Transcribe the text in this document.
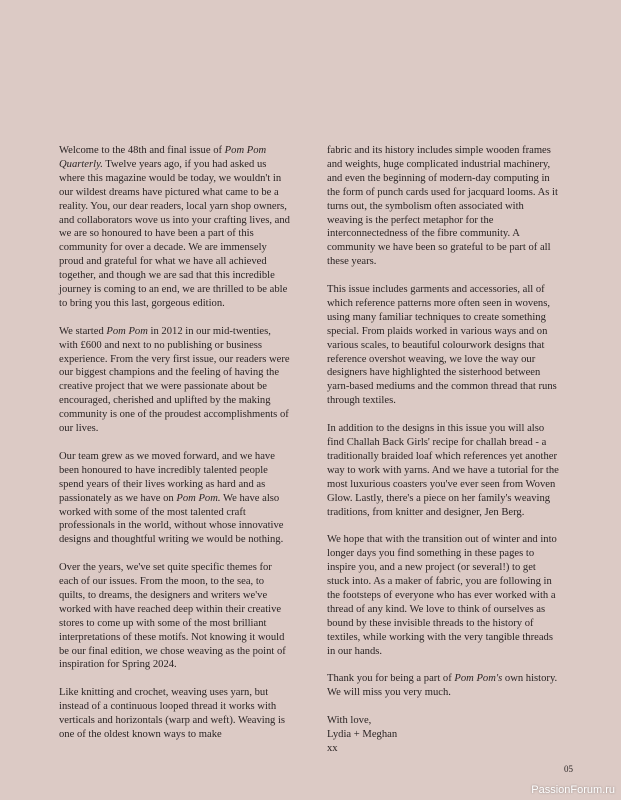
Welcome to the 48th and final issue of Pom Pom Quarterly. Twelve years ago, if you had asked us where this magazine would be today, we wouldn't in our wildest dreams have pictured what came to be a reality. You, our dear readers, local yarn shop owners, and collaborators wove us into your crafting lives, and we are so honoured to have been a part of this community for over a decade. We are immensely proud and grateful for what we have all achieved together, and though we are sad that this incredible journey is coming to an end, we are thrilled to be able to bring you this last, gorgeous edition.

We started Pom Pom in 2012 in our mid-twenties, with £600 and next to no publishing or business experience. From the very first issue, our readers were our biggest champions and the feeling of having the creative project that we were passionate about be encouraged, cherished and uplifted by the making community is one of the proudest accomplishments of our lives.

Our team grew as we moved forward, and we have been honoured to have incredibly talented people spend years of their lives working as hard and as passionately as we have on Pom Pom. We have also worked with some of the most talented craft professionals in the world, without whose innovative designs and thoughtful writing we would be nothing.

Over the years, we've set quite specific themes for each of our issues. From the moon, to the sea, to quilts, to dreams, the designers and writers we've worked with have reached deep within their creative stores to come up with some of the most brilliant interpretations of these motifs. Not knowing it would be our final edition, we chose weaving as the point of inspiration for Spring 2024.

Like knitting and crochet, weaving uses yarn, but instead of a continuous looped thread it works with verticals and horizontals (warp and weft). Weaving is one of the oldest known ways to make

fabric and its history includes simple wooden frames and weights, huge complicated industrial machinery, and even the beginning of modern-day computing in the form of punch cards used for jacquard looms. As it turns out, the symbolism often associated with weaving is the perfect metaphor for the interconnectedness of the fibre community. A community we have been so grateful to be part of all these years.

This issue includes garments and accessories, all of which reference patterns more often seen in wovens, using many familiar techniques to create something special. From plaids worked in various ways and on various scales, to beautiful colourwork designs that reference overshot weaving, we love the way our designers have highlighted the sisterhood between yarn-based mediums and the common thread that runs through textiles.

In addition to the designs in this issue you will also find Challah Back Girls' recipe for challah bread - a traditionally braided loaf which references yet another way to work with yarns. And we have a tutorial for the most luxurious coasters you've ever seen from Woven Glow. Lastly, there's a piece on her family's weaving traditions, from knitter and designer, Jen Berg.

We hope that with the transition out of winter and into longer days you find something in these pages to inspire you, and a new project (or several!) to get stuck into. As a maker of fabric, you are following in the footsteps of everyone who has ever worked with a thread of any kind. We love to think of ourselves as bound by these invisible threads to the history of textiles, while working with the very tangible threads in our hands.

Thank you for being a part of Pom Pom's own history. We will miss you very much.

With love,
Lydia + Meghan
xx

05
PassionForum.ru
